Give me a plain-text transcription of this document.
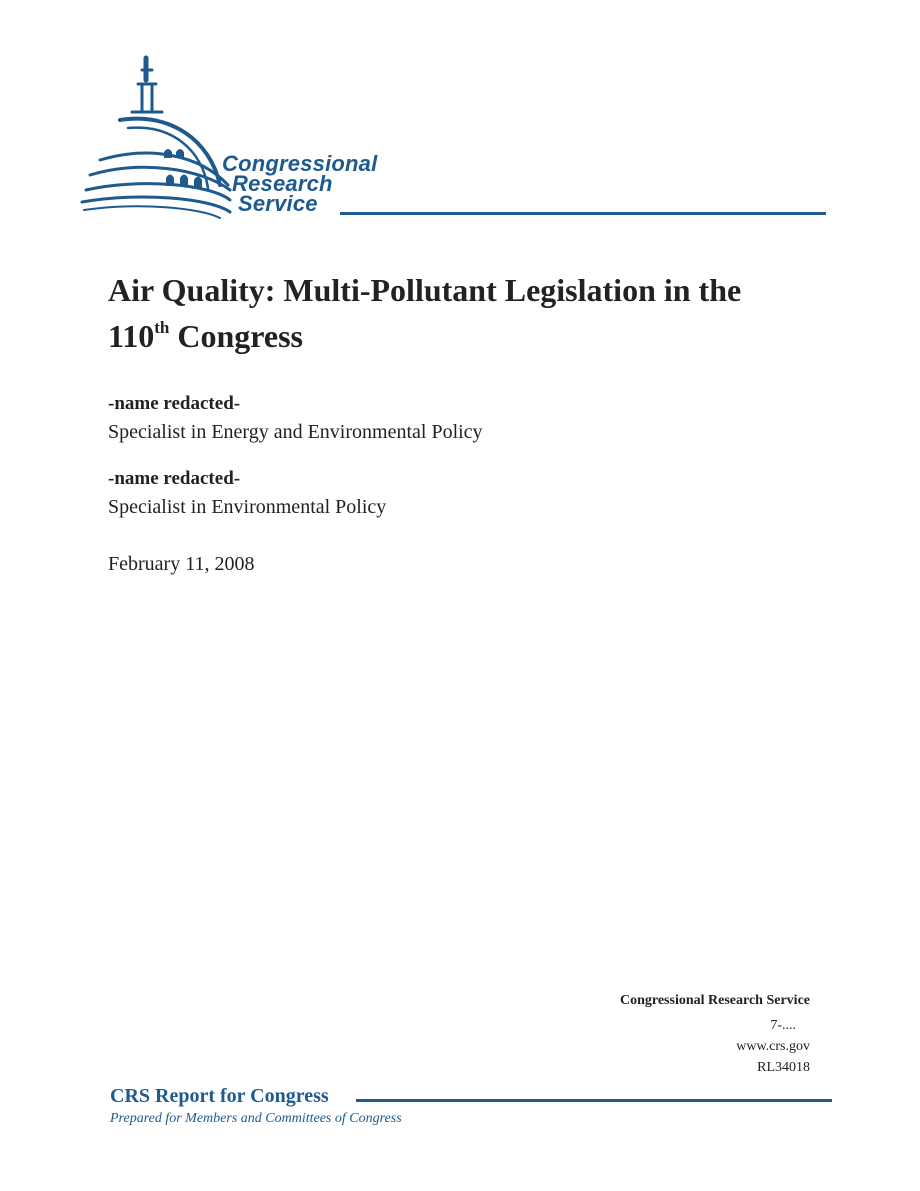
Congressional
Research
Service
Air Quality: Multi-Pollutant Legislation in the
110th Congress
-name redacted-
Specialist in Energy and Environmental Policy
-name redacted-
Specialist in Environmental Policy
February 11, 2008
Congressional Research Service
7-....
www.crs.gov
RL34018
CRS Report for Congress
Prepared for Members and Committees of Congress
